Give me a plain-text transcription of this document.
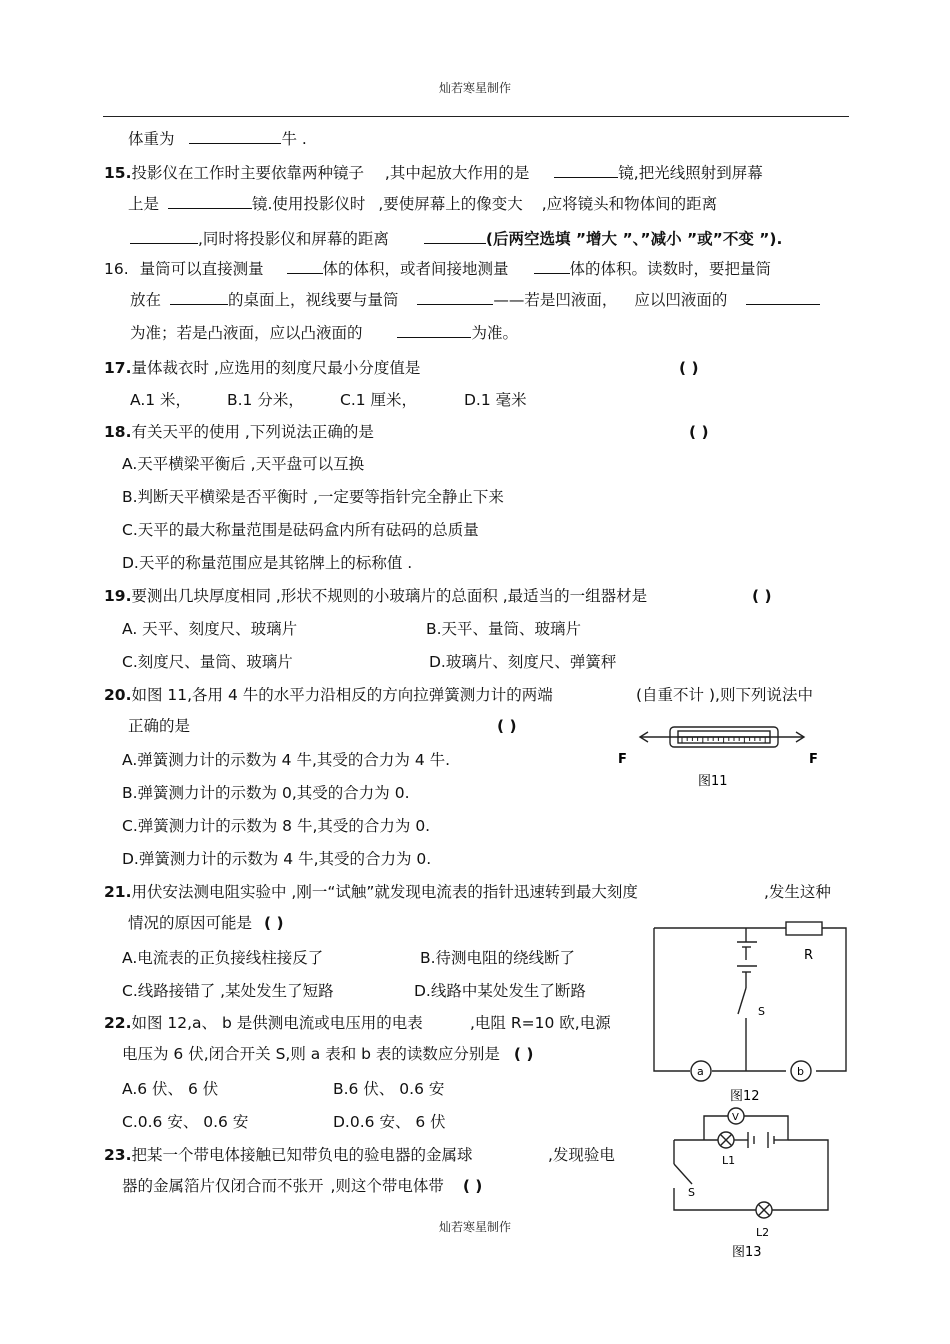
灿若寒星制作
体重为	牛 .
15.投影仪在工作时主要依靠两种镜子 ,其中起放大作用的是	镜,把光线照射到屏幕
上是	镜.使用投影仪时 ,要使屏幕上的像变大 ,应将镜头和物体间的距离
,同时将投影仪和屏幕的距离	(后两空选填 ”增大 ”、”减小 ”或”不变 ”).
16. 量筒可以直接测量	体的体积，或者间接地测量	体的体积。读数时，要把量筒
放在	的桌面上，视线要与量筒	——若是凹液面， 应以凹液面的
为准；若是凸液面，应以凸液面的	为准。
17.量体裁衣时 ,应选用的刻度尺最小分度值是	( )
A.1 米， B.1 分米， C.1 厘米，	D.1 毫米
18.有关天平的使用 ,下列说法正确的是	( )
A.天平横梁平衡后 ,天平盘可以互换
B.判断天平横梁是否平衡时 ,一定要等指针完全静止下来
C.天平的最大称量范围是砝码盒内所有砝码的总质量
D.天平的称量范围应是其铭牌上的标称值 .
19.要测出几块厚度相同 ,形状不规则的小玻璃片的总面积 ,最适当的一组器材是	( )
A. 天平、刻度尺、玻璃片	B.天平、量筒、玻璃片
C.刻度尺、量筒、玻璃片	D.玻璃片、刻度尺、弹簧秤
20.如图 11,各用 4 牛的水平力沿相反的方向拉弹簧测力计的两端	(自重不计 ),则下列说法中
正确的是	( )
A.弹簧测力计的示数为 4 牛,其受的合力为 4 牛.
B.弹簧测力计的示数为 0,其受的合力为 0.
C.弹簧测力计的示数为 8 牛,其受的合力为 0.
D.弹簧测力计的示数为 4 牛,其受的合力为 0.
F	F
图11
21.用伏安法测电阻实验中 ,刚一“试触”就发现电流表的指针迅速转到最大刻度	,发生这种
情况的原因可能是 ( )
A.电流表的正负接线柱接反了	B.待测电阻的绕线断了
C.线路接错了 ,某处发生了短路	D.线路中某处发生了断路
R
S
a	b
图12
22.如图 12,a、 b 是供测电流或电压用的电表	,电阻 R=10 欧,电源
电压为 6 伏,闭合开关 S,则 a 表和 b 表的读数应分别是 ( )
A.6 伏、 6 伏	B.6 伏、 0.6 安
C.0.6 安、 0.6 安	D.0.6 安、 6 伏
23.把某一个带电体接触已知带负电的验电器的金属球	,发现验电
器的金属箔片仅闭合而不张开 ,则这个带电体带 ( )
V
L1
S
L2
图13
灿若寒星制作
